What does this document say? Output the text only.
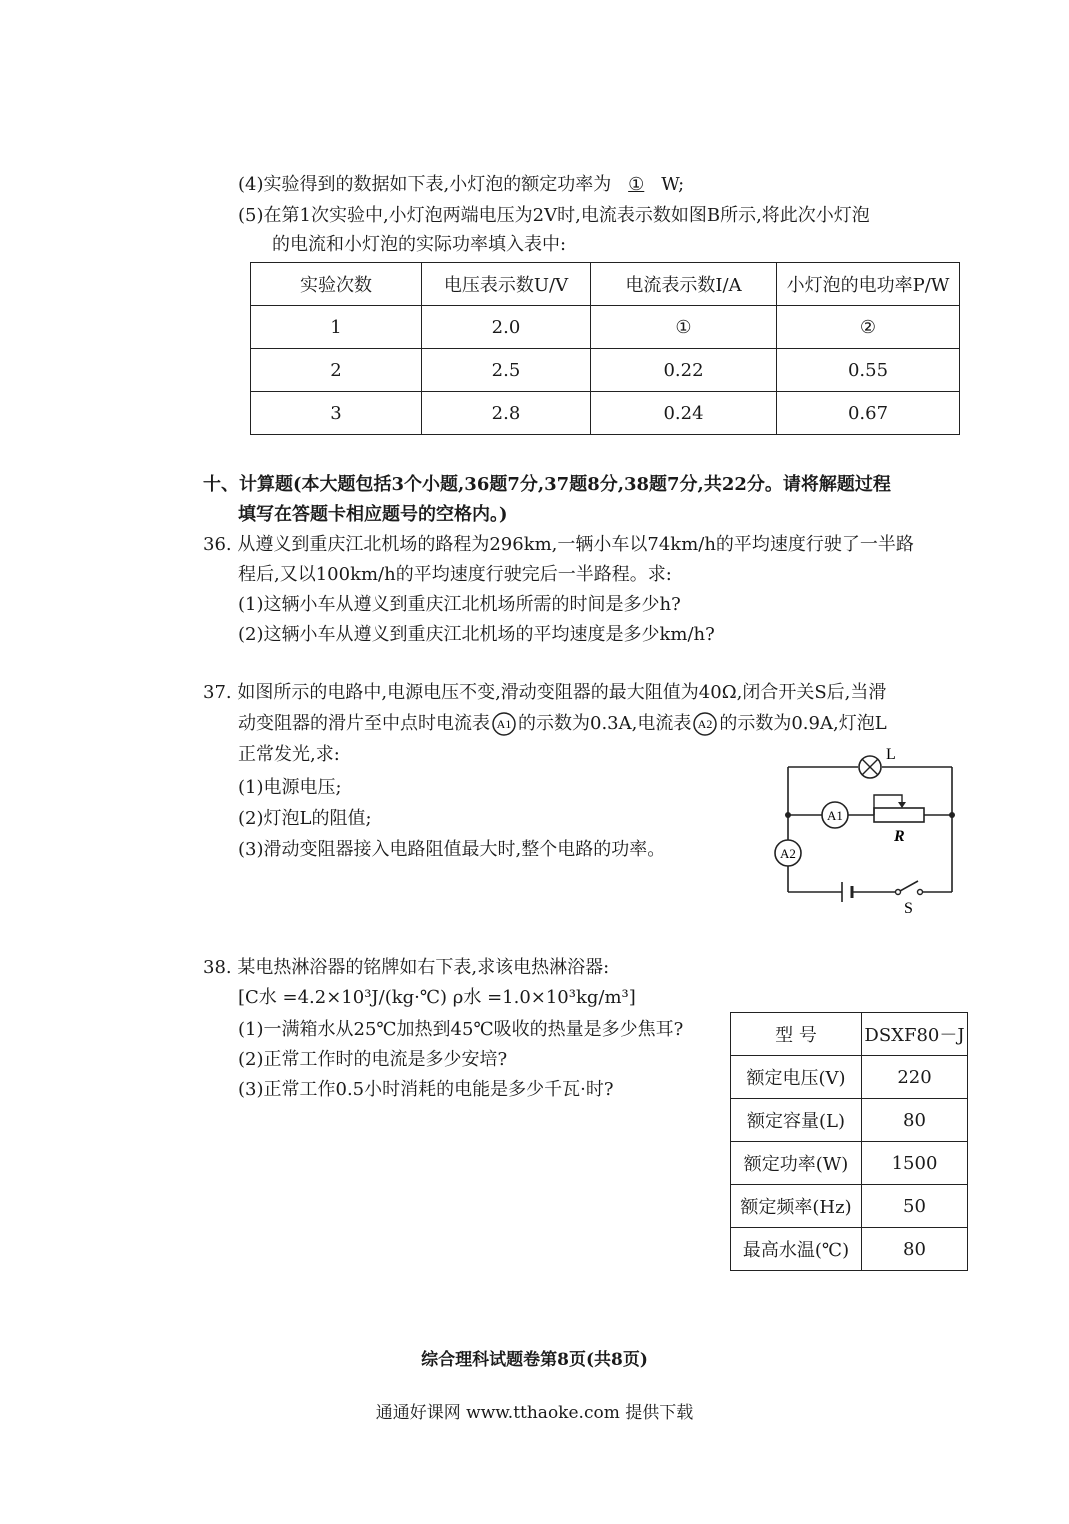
(4)实验得到的数据如下表,小灯泡的额定功率为 ① W;
(5)在第1次实验中,小灯泡两端电压为2V时,电流表示数如图B所示,将此次小灯泡
的电流和小灯泡的实际功率填入表中:
实验次数	电压表示数U/V	电流表示数I/A	小灯泡的电功率P/W
1	2.0	①	②
2	2.5	0.22	0.55
3	2.8	0.24	0.67
十、计算题(本大题包括3个小题,36题7分,37题8分,38题7分,共22分。请将解题过程
填写在答题卡相应题号的空格内。)
36. 从遵义到重庆江北机场的路程为296km,一辆小车以74km/h的平均速度行驶了一半路
程后,又以100km/h的平均速度行驶完后一半路程。求:
(1)这辆小车从遵义到重庆江北机场所需的时间是多少h?
(2)这辆小车从遵义到重庆江北机场的平均速度是多少km/h?
37. 如图所示的电路中,电源电压不变,滑动变阻器的最大阻值为40Ω,闭合开关S后,当滑
动变阻器的滑片至中点时电流表 A1 的示数为0.3A,电流表 A2 的示数为0.9A,灯泡L
正常发光,求:
(1)电源电压;
(2)灯泡L的阻值;
(3)滑动变阻器接入电路阻值最大时,整个电路的功率。
L
A1
R
A2
S
38. 某电热淋浴器的铭牌如右下表,求该电热淋浴器:
[C水 =4.2×10³J/(kg·℃) ρ水 =1.0×10³kg/m³]
(1)一满箱水从25℃加热到45℃吸收的热量是多少焦耳?
(2)正常工作时的电流是多少安培?
(3)正常工作0.5小时消耗的电能是多少千瓦·时?
型 号	DSXF80－J
额定电压(V)	220
额定容量(L)	80
额定功率(W)	1500
额定频率(Hz)	50
最高水温(℃)	80
综合理科试题卷第8页(共8页)
通通好课网 www.tthaoke.com 提供下载
